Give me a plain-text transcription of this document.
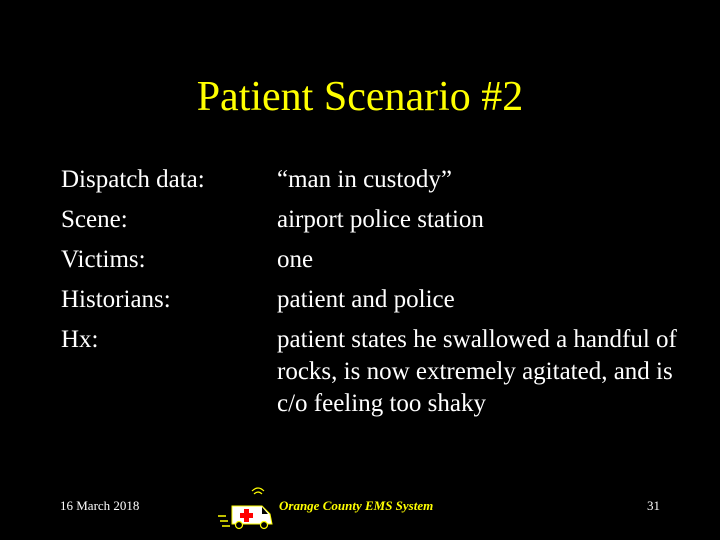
Patient Scenario #2
Dispatch data:
Scene:
Victims:
Historians:
Hx:
“man in custody”
airport police station
one
patient and police
patient states he swallowed a handful of rocks, is now extremely agitated, and is c/o feeling too shaky
16 March 2018	Orange County EMS System	31
